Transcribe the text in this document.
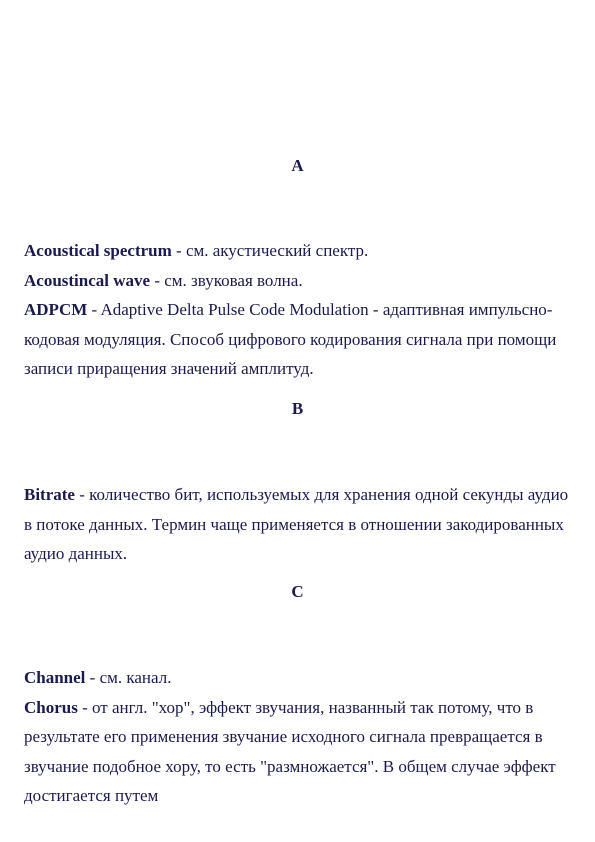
A

Acoustical spectrum - см. акустический спектр.

Acoustincal wave - см. звуковая волна.

ADPCM - Adaptive Delta Pulse Code Modulation - адаптивная импульсно-кодовая модуляция. Способ цифрового кодирования сигнала при помощи записи приращения значений амплитуд.

B

Bitrate - количество бит, используемых для хранения одной секунды аудио в потоке данных. Термин чаще применяется в отношении закодированных аудио данных.

C

Channel - см. канал.

Chorus - от англ. "хор", эффект звучания, названный так потому, что в результате его применения звучание исходного сигнала превращается в звучание подобное хору, то есть "размножается". В общем случае эффект достигается путем
